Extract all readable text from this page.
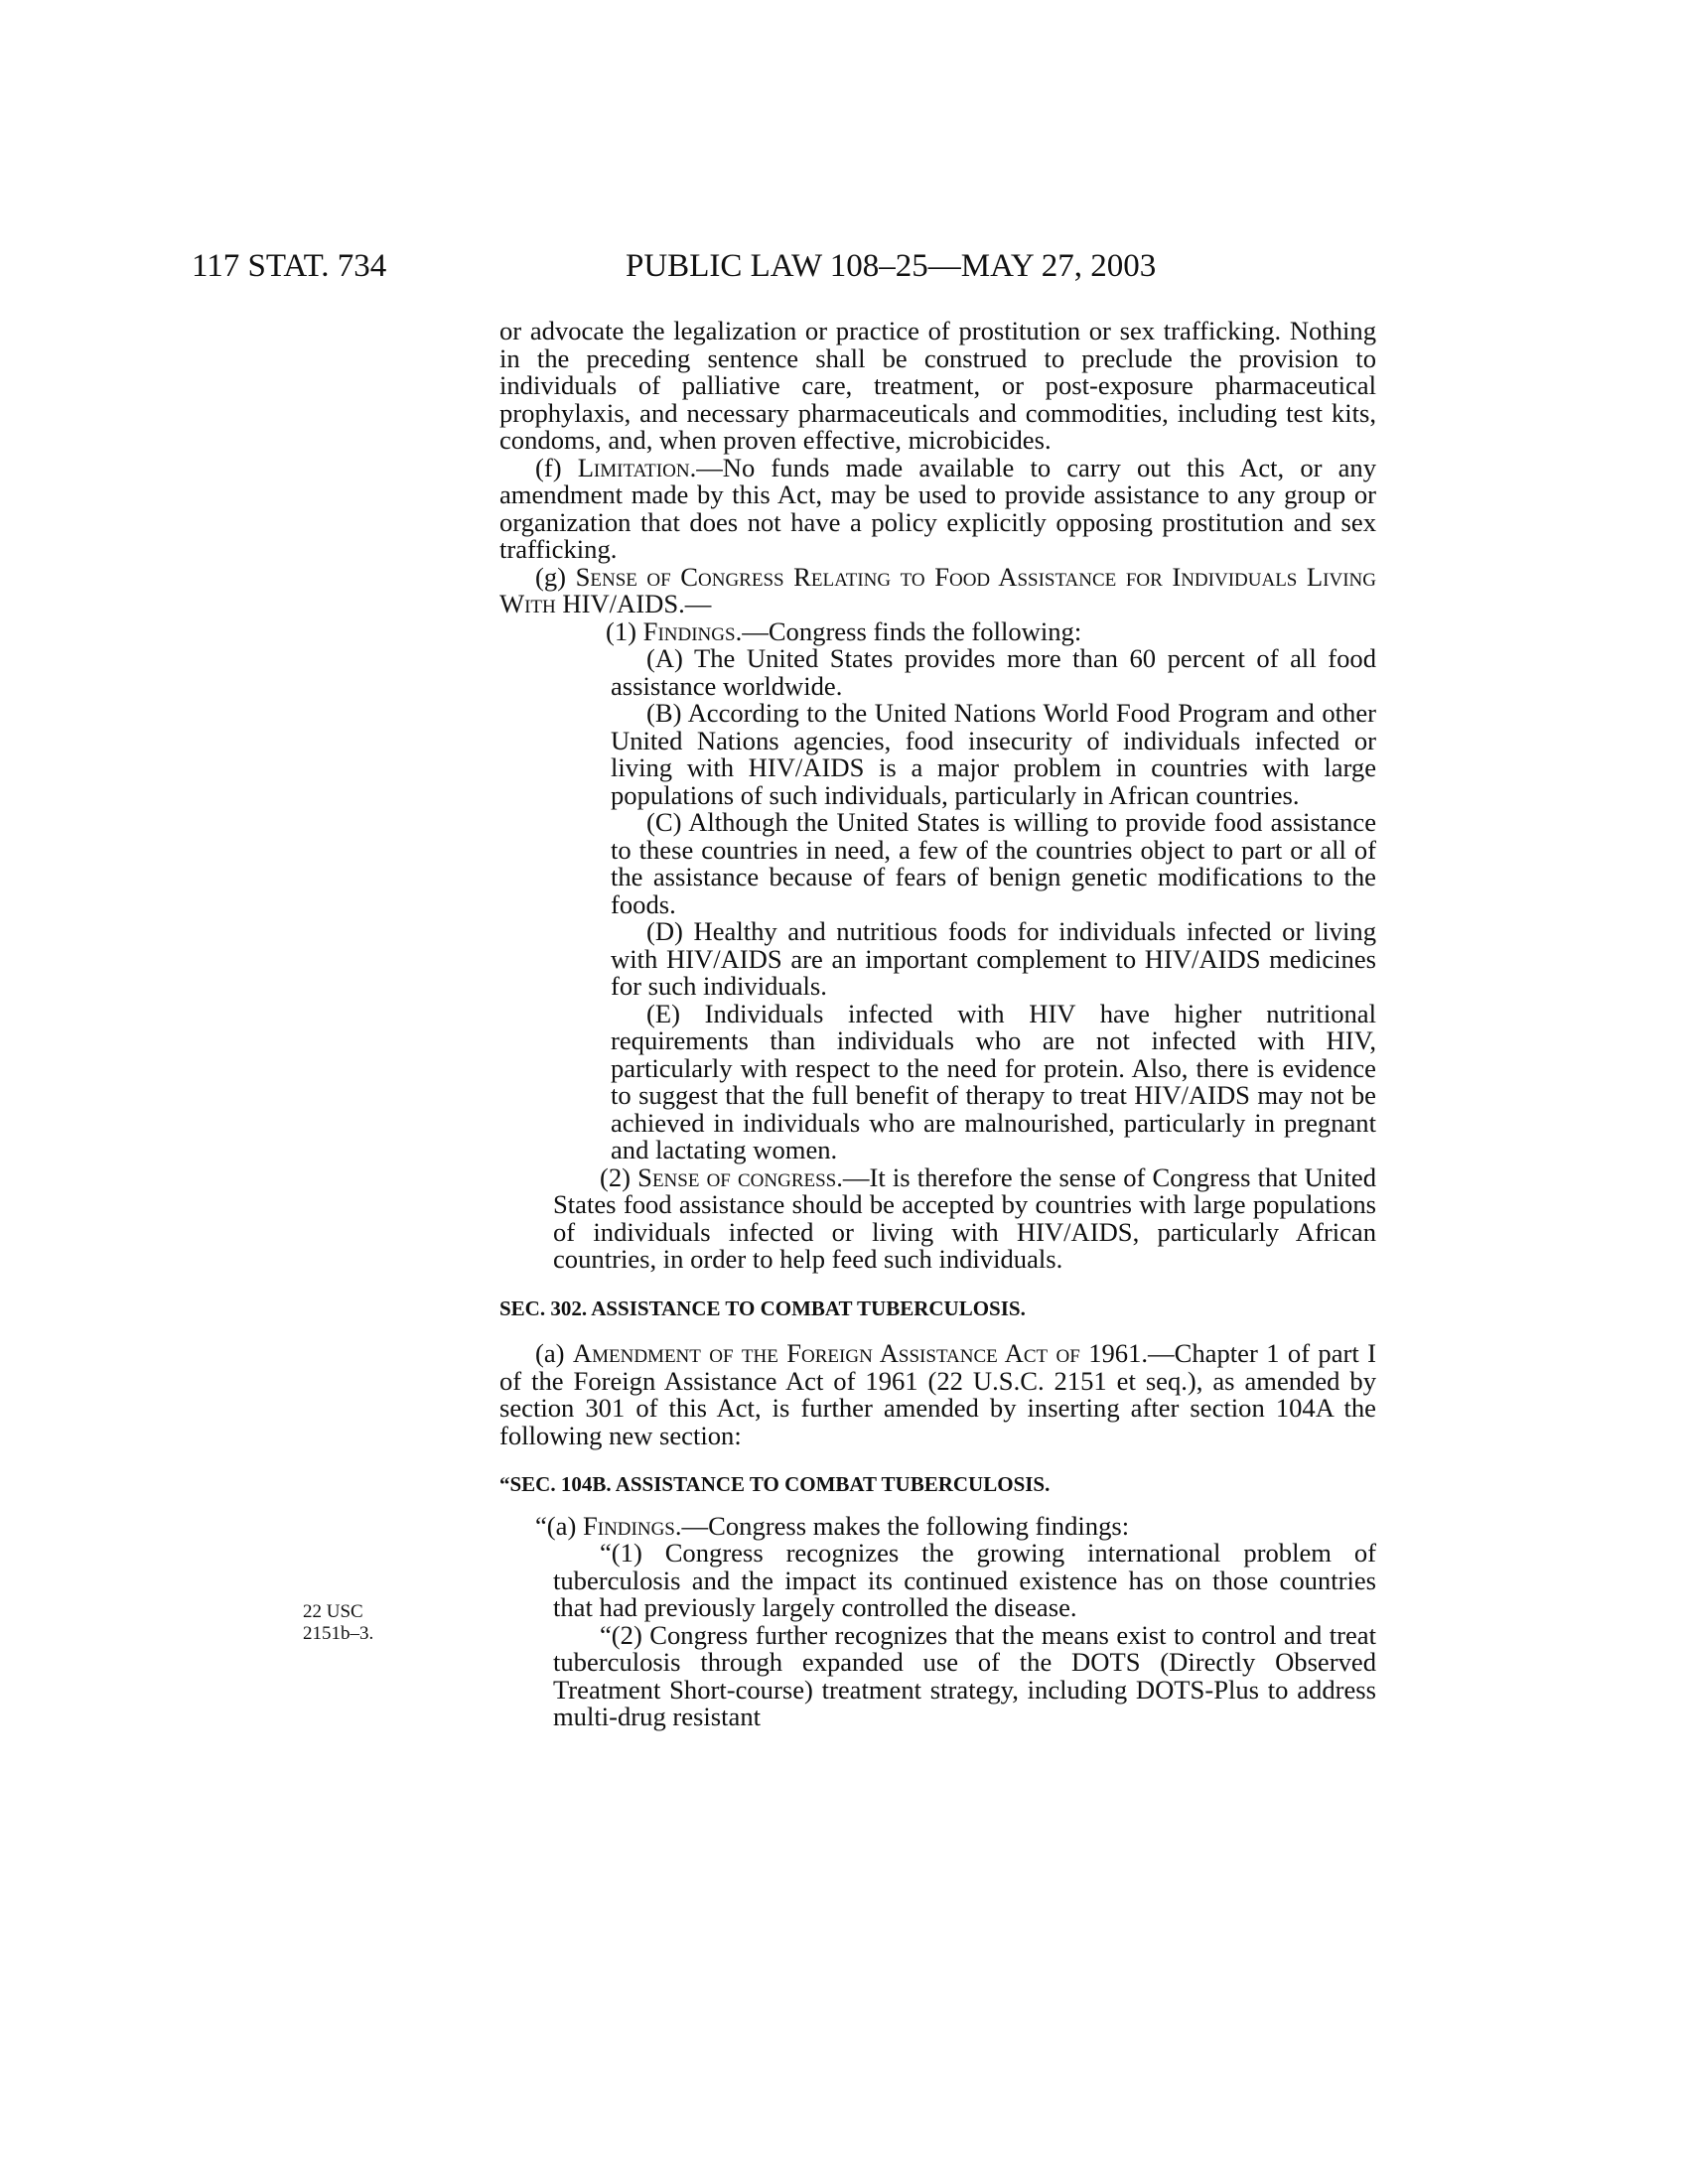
117 STAT. 734	PUBLIC LAW 108–25—MAY 27, 2003
22 USC
2151b–3.

or advocate the legalization or practice of prostitution or sex trafficking. Nothing in the preceding sentence shall be construed to preclude the provision to individuals of palliative care, treatment, or post-exposure pharmaceutical prophylaxis, and necessary pharmaceuticals and commodities, including test kits, condoms, and, when proven effective, microbicides.

(f) Limitation.—No funds made available to carry out this Act, or any amendment made by this Act, may be used to provide assistance to any group or organization that does not have a policy explicitly opposing prostitution and sex trafficking.

(g) Sense of Congress Relating to Food Assistance for Individuals Living With HIV/AIDS.—

(1) Findings.—Congress finds the following:

(A) The United States provides more than 60 percent of all food assistance worldwide.

(B) According to the United Nations World Food Program and other United Nations agencies, food insecurity of individuals infected or living with HIV/AIDS is a major problem in countries with large populations of such individuals, particularly in African countries.

(C) Although the United States is willing to provide food assistance to these countries in need, a few of the countries object to part or all of the assistance because of fears of benign genetic modifications to the foods.

(D) Healthy and nutritious foods for individuals infected or living with HIV/AIDS are an important complement to HIV/AIDS medicines for such individuals.

(E) Individuals infected with HIV have higher nutritional requirements than individuals who are not infected with HIV, particularly with respect to the need for protein. Also, there is evidence to suggest that the full benefit of therapy to treat HIV/AIDS may not be achieved in individuals who are malnourished, particularly in pregnant and lactating women.

(2) Sense of congress.—It is therefore the sense of Congress that United States food assistance should be accepted by countries with large populations of individuals infected or living with HIV/AIDS, particularly African countries, in order to help feed such individuals.

SEC. 302. ASSISTANCE TO COMBAT TUBERCULOSIS.

(a) Amendment of the Foreign Assistance Act of 1961.—Chapter 1 of part I of the Foreign Assistance Act of 1961 (22 U.S.C. 2151 et seq.), as amended by section 301 of this Act, is further amended by inserting after section 104A the following new section:

“SEC. 104B. ASSISTANCE TO COMBAT TUBERCULOSIS.

“(a) Findings.—Congress makes the following findings:

“(1) Congress recognizes the growing international problem of tuberculosis and the impact its continued existence has on those countries that had previously largely controlled the disease.

“(2) Congress further recognizes that the means exist to control and treat tuberculosis through expanded use of the DOTS (Directly Observed Treatment Short-course) treatment strategy, including DOTS-Plus to address multi-drug resistant
